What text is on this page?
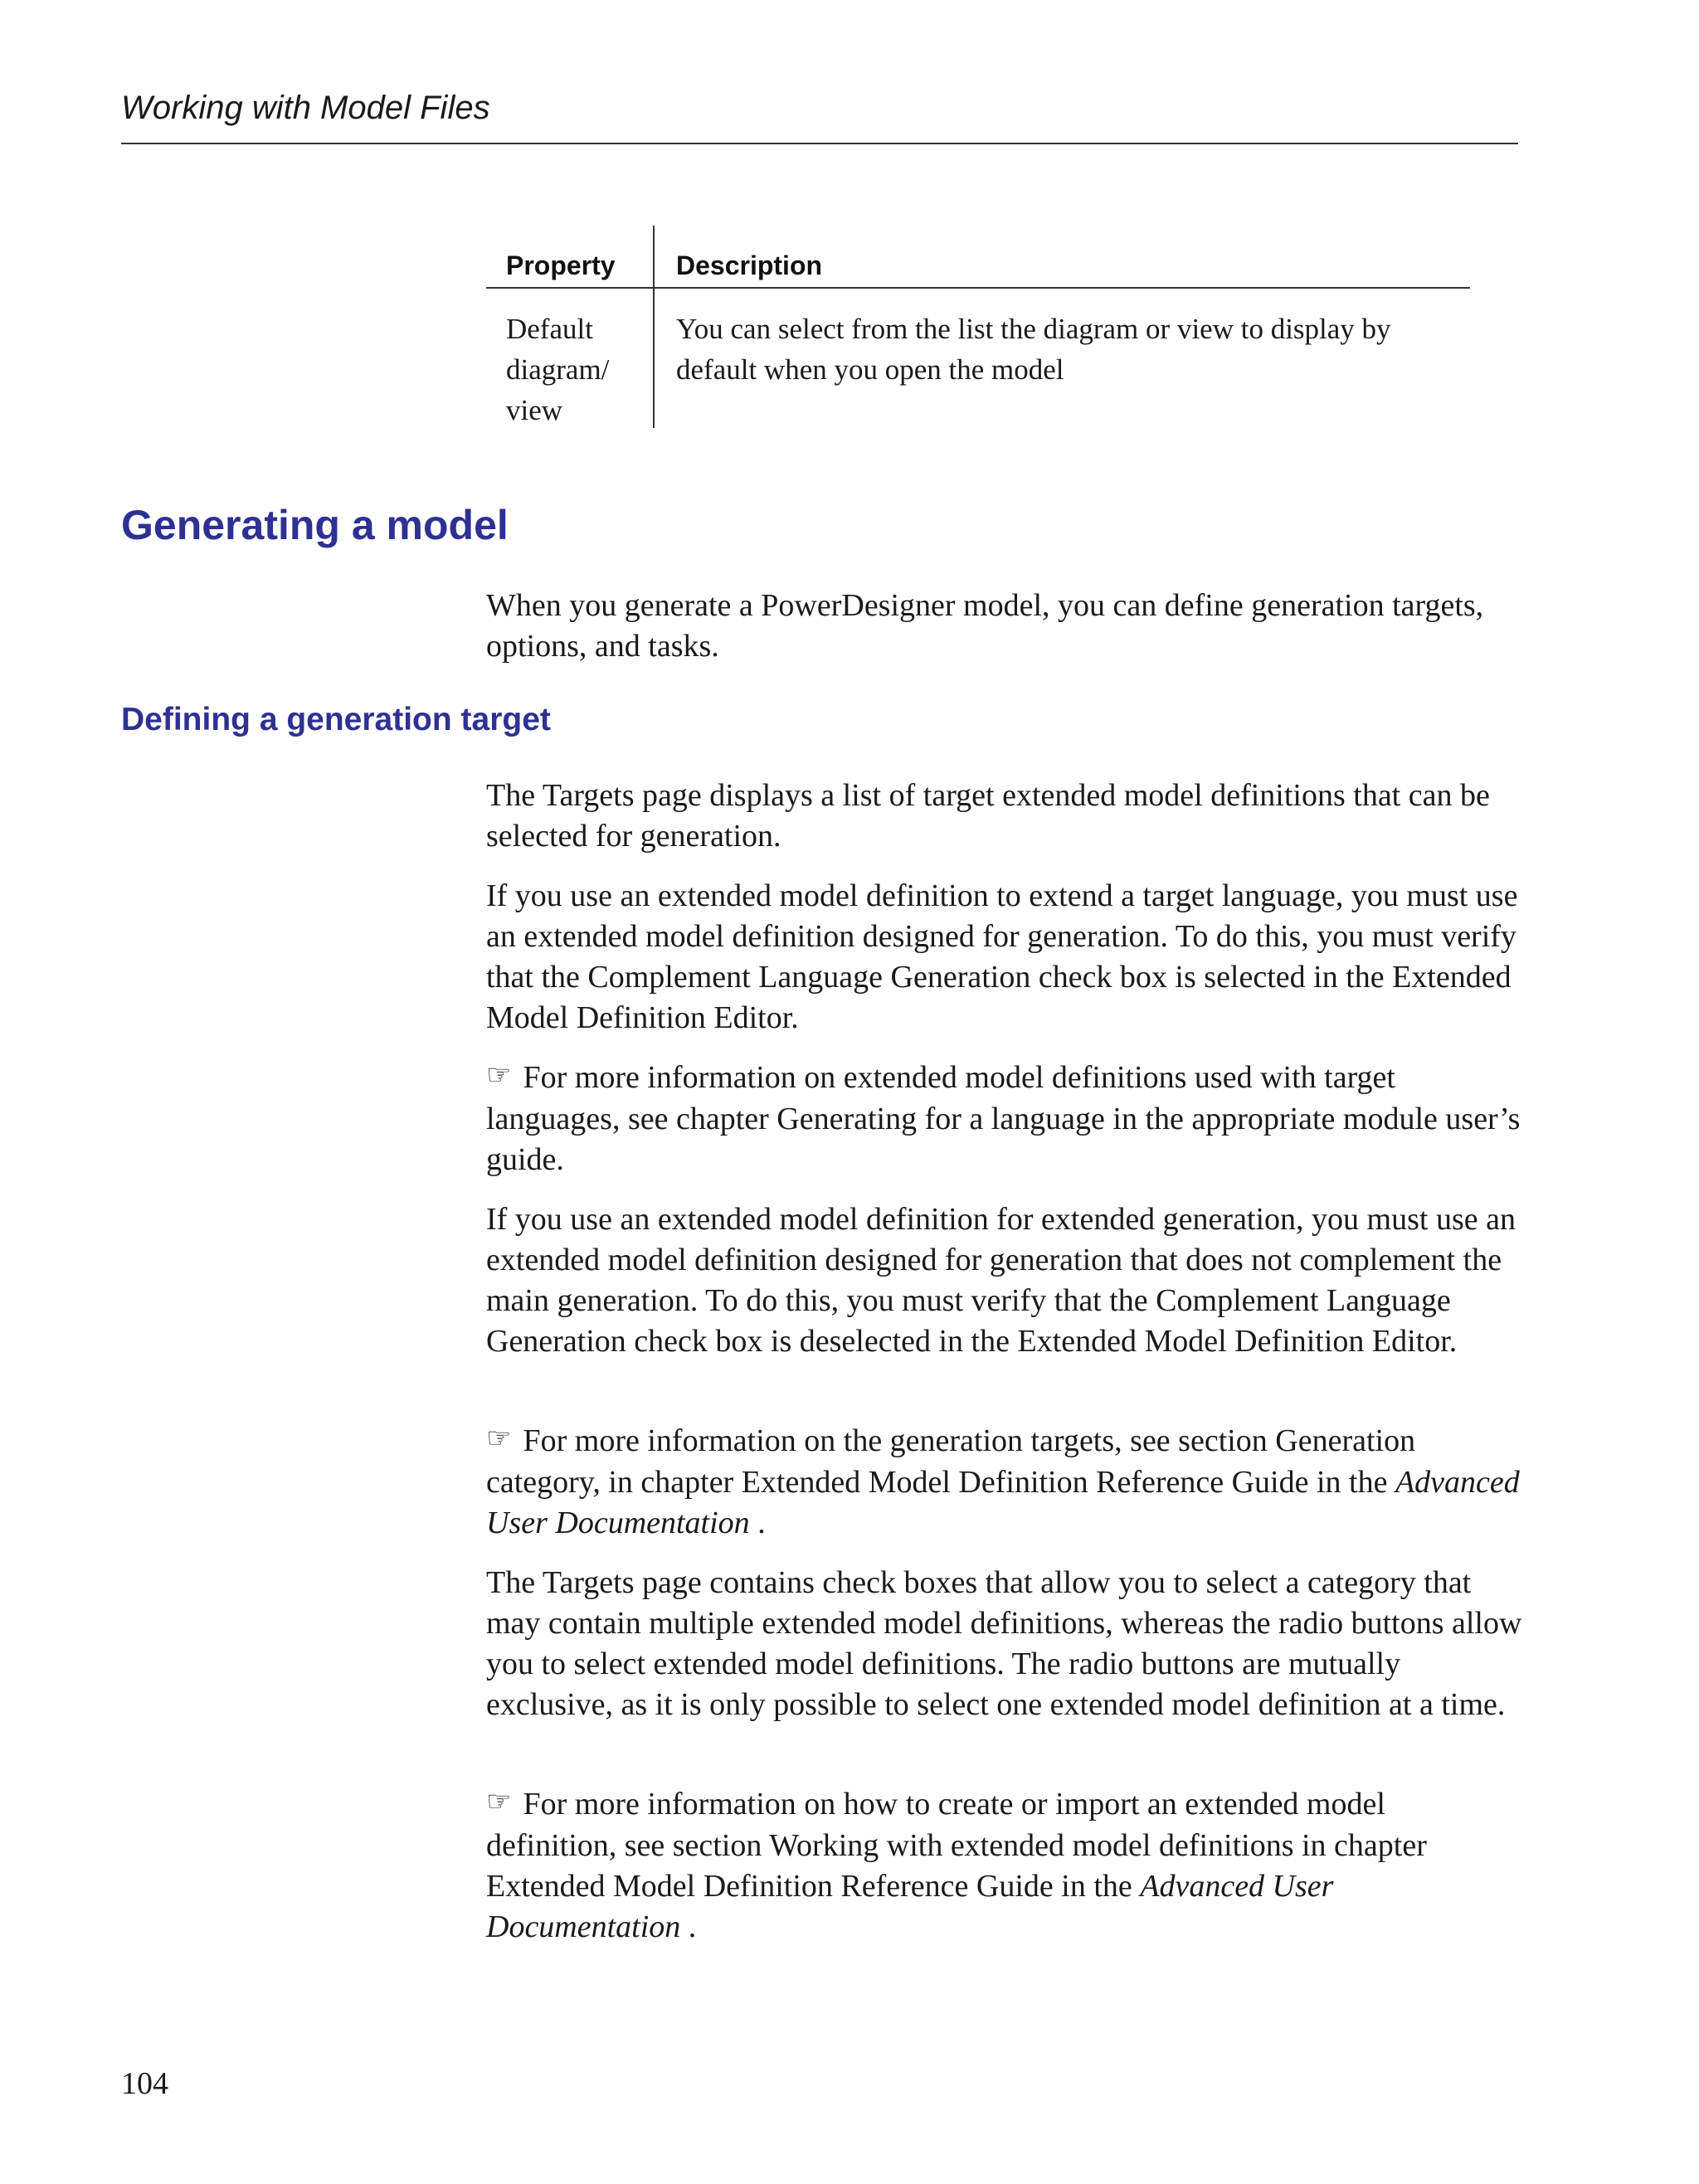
Working with Model Files
Property Description
Default diagram/ view
You can select from the list the diagram or view to display by default when you open the model
Generating a model

When you generate a PowerDesigner model, you can define generation targets, options, and tasks.

Defining a generation target

The Targets page displays a list of target extended model definitions that can be selected for generation.

If you use an extended model definition to extend a target language, you must use an extended model definition designed for generation. To do this, you must verify that the Complement Language Generation check box is selected in the Extended Model Definition Editor.

☞ For more information on extended model definitions used with target languages, see chapter Generating for a language in the appropriate module user’s guide.

If you use an extended model definition for extended generation, you must use an extended model definition designed for generation that does not complement the main generation. To do this, you must verify that the Complement Language Generation check box is deselected in the Extended Model Definition Editor.

☞ For more information on the generation targets, see section Generation category, in chapter Extended Model Definition Reference Guide in the Advanced User Documentation .

The Targets page contains check boxes that allow you to select a category that may contain multiple extended model definitions, whereas the radio buttons allow you to select extended model definitions. The radio buttons are mutually exclusive, as it is only possible to select one extended model definition at a time.

☞ For more information on how to create or import an extended model definition, see section Working with extended model definitions in chapter Extended Model Definition Reference Guide in the Advanced User Documentation .

104
